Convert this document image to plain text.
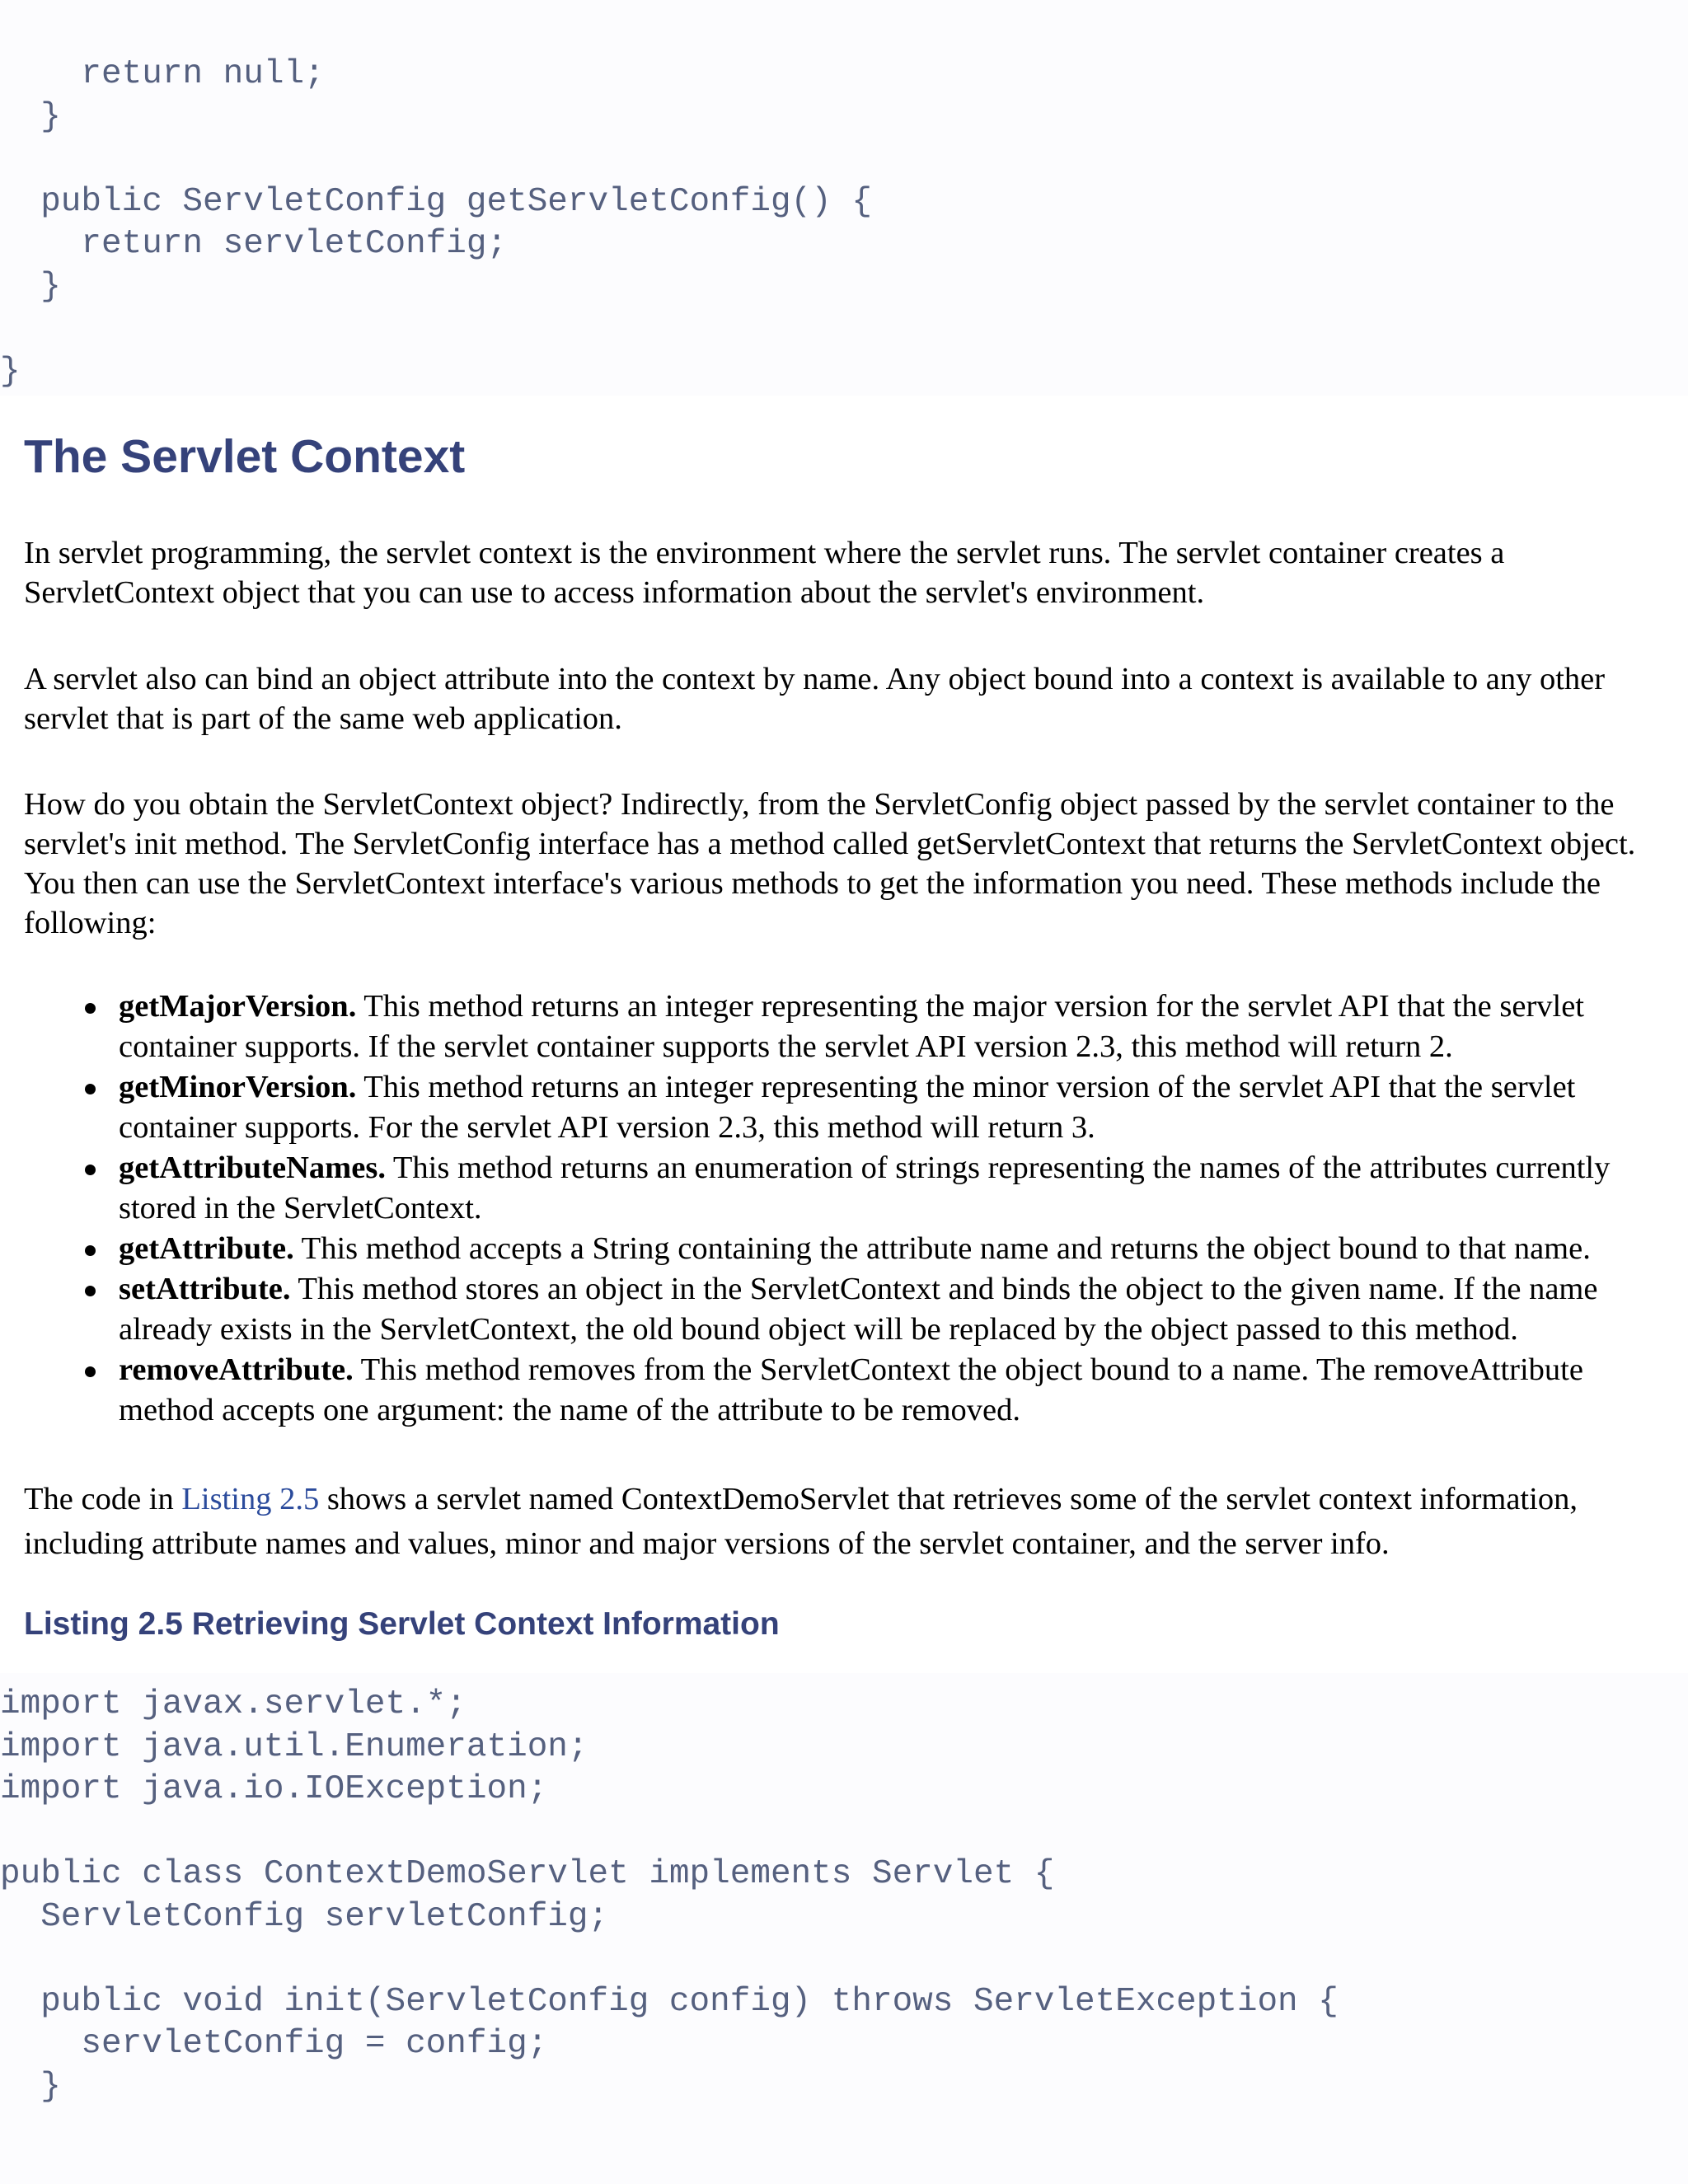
return null;
}
public ServletConfig getServletConfig() {
return servletConfig;
}
}
The Servlet Context

In servlet programming, the servlet context is the environment where the servlet runs. The servlet container creates a ServletContext object that you can use to access information about the servlet's environment.

A servlet also can bind an object attribute into the context by name. Any object bound into a context is available to any other servlet that is part of the same web application.

How do you obtain the ServletContext object? Indirectly, from the ServletConfig object passed by the servlet container to the servlet's init method. The ServletConfig interface has a method called getServletContext that returns the ServletContext object. You then can use the ServletContext interface's various methods to get the information you need. These methods include the following:

getMajorVersion. This method returns an integer representing the major version for the servlet API that the servlet container supports. If the servlet container supports the servlet API version 2.3, this method will return 2.
getMinorVersion. This method returns an integer representing the minor version of the servlet API that the servlet container supports. For the servlet API version 2.3, this method will return 3.
getAttributeNames. This method returns an enumeration of strings representing the names of the attributes currently stored in the ServletContext.
getAttribute. This method accepts a String containing the attribute name and returns the object bound to that name.
setAttribute. This method stores an object in the ServletContext and binds the object to the given name. If the name already exists in the ServletContext, the old bound object will be replaced by the object passed to this method.
removeAttribute. This method removes from the ServletContext the object bound to a name. The removeAttribute method accepts one argument: the name of the attribute to be removed.

The code in Listing 2.5 shows a servlet named ContextDemoServlet that retrieves some of the servlet context information, including attribute names and values, minor and major versions of the servlet container, and the server info.

Listing 2.5 Retrieving Servlet Context Information
import javax.servlet.*;
import java.util.Enumeration;
import java.io.IOException;
public class ContextDemoServlet implements Servlet {
ServletConfig servletConfig;
public void init(ServletConfig config) throws ServletException {
servletConfig = config;
}
